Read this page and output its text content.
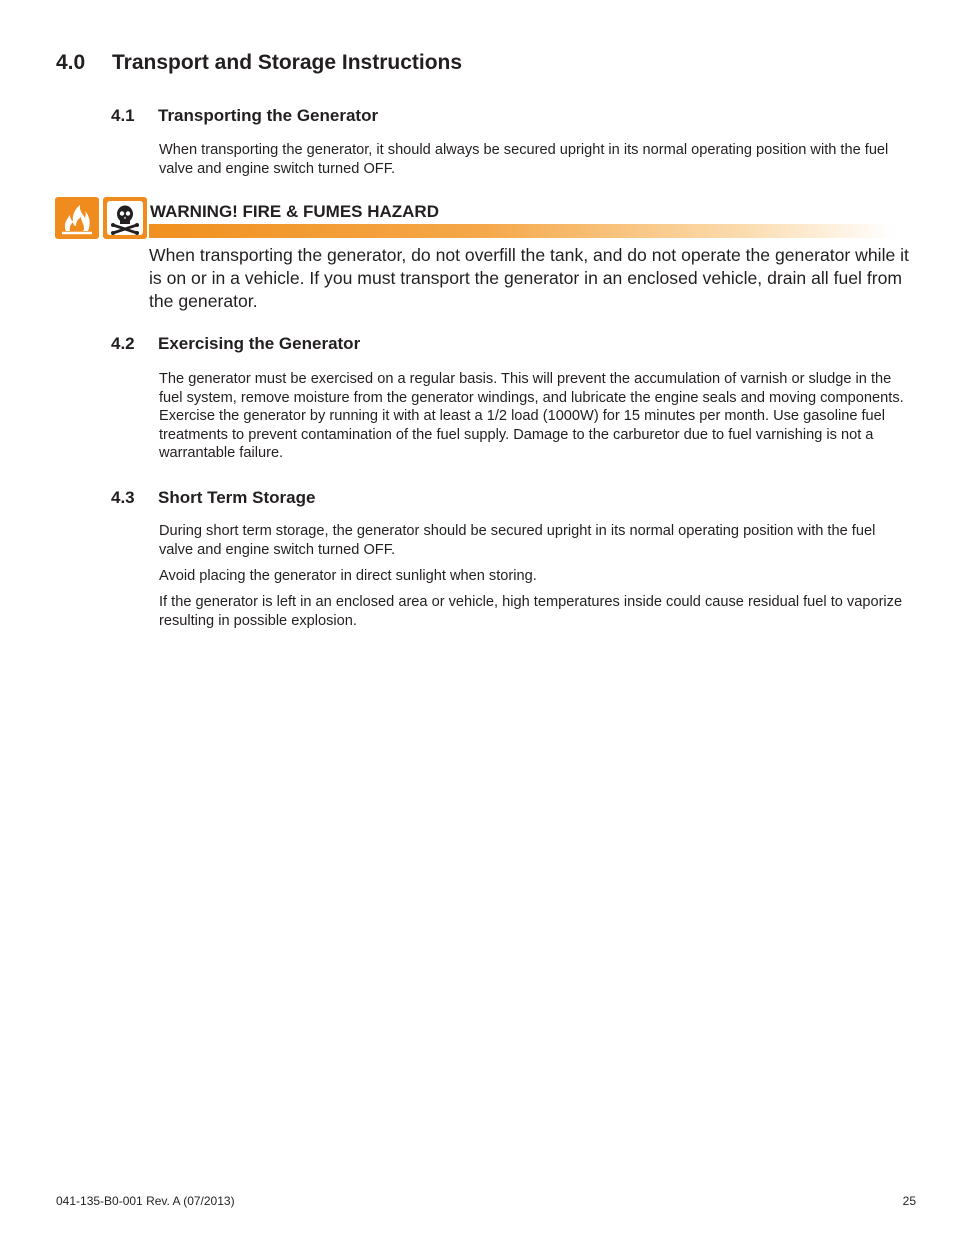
4.0 Transport and Storage Instructions
4.1 Transporting the Generator

When transporting the generator, it should always be secured upright in its normal operating position with the fuel valve and engine switch turned OFF.

WARNING! FIRE & FUMES HAZARD

When transporting the generator, do not overfill the tank, and do not operate the generator while it is on or in a vehicle. If you must transport the generator in an enclosed vehicle, drain all fuel from the generator.

4.2 Exercising the Generator

The generator must be exercised on a regular basis. This will prevent the accumulation of varnish or sludge in the fuel system, remove moisture from the generator windings, and lubricate the engine seals and moving components. Exercise the generator by running it with at least a 1/2 load (1000W) for 15 minutes per month. Use gasoline fuel treatments to prevent contamination of the fuel supply. Damage to the carburetor due to fuel varnishing is not a warrantable failure.

4.3 Short Term Storage

During short term storage, the generator should be secured upright in its normal operating position with the fuel valve and engine switch turned OFF.

Avoid placing the generator in direct sunlight when storing.

If the generator is left in an enclosed area or vehicle, high temperatures inside could cause residual fuel to vaporize resulting in possible explosion.

041-135-B0-001 Rev. A (07/2013)	25
